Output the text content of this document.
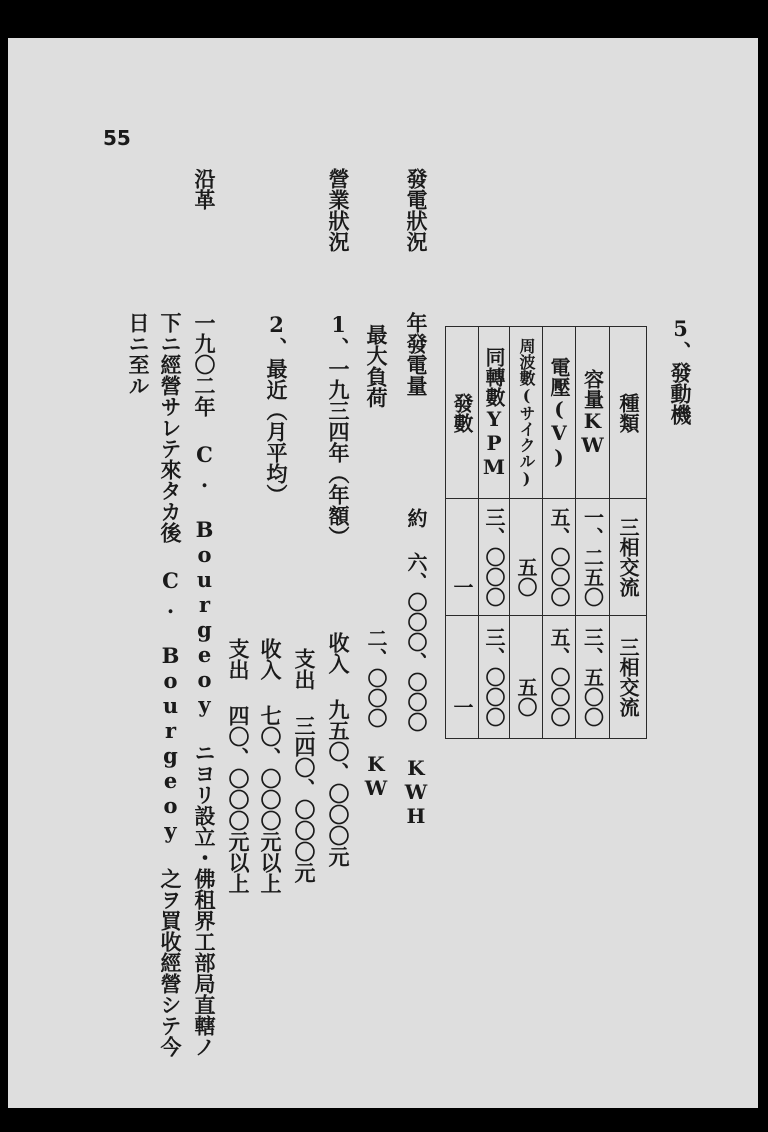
55
5、發動機
發數	同轉數YPM	周波數(サイクル)	電壓(V)	容量KW	種類

一	三、〇〇〇	五〇	五、〇〇〇	一、二五〇	三相交流

一	三、〇〇〇	五〇	五、〇〇〇	三、五〇〇	三相交流
發電狀況
年發電量
約 六、〇〇〇、〇〇〇 KWH
最大負荷
二、〇〇〇 KW
營業狀況
1、一九三四年（年額）
收入 九五〇、〇〇〇元
支出 三四〇、〇〇〇元
2、最近（月平均）
收入 七〇、〇〇〇元以上
支出 四〇、〇〇〇元以上
沿革
一九〇二年 C. Bourgeoy ニヨリ設立・佛租界工部局直轄ノ
下ニ經營サレテ來タカ後 C. Bourgeoy 之ヲ買收經營シテ今
日ニ至ル
